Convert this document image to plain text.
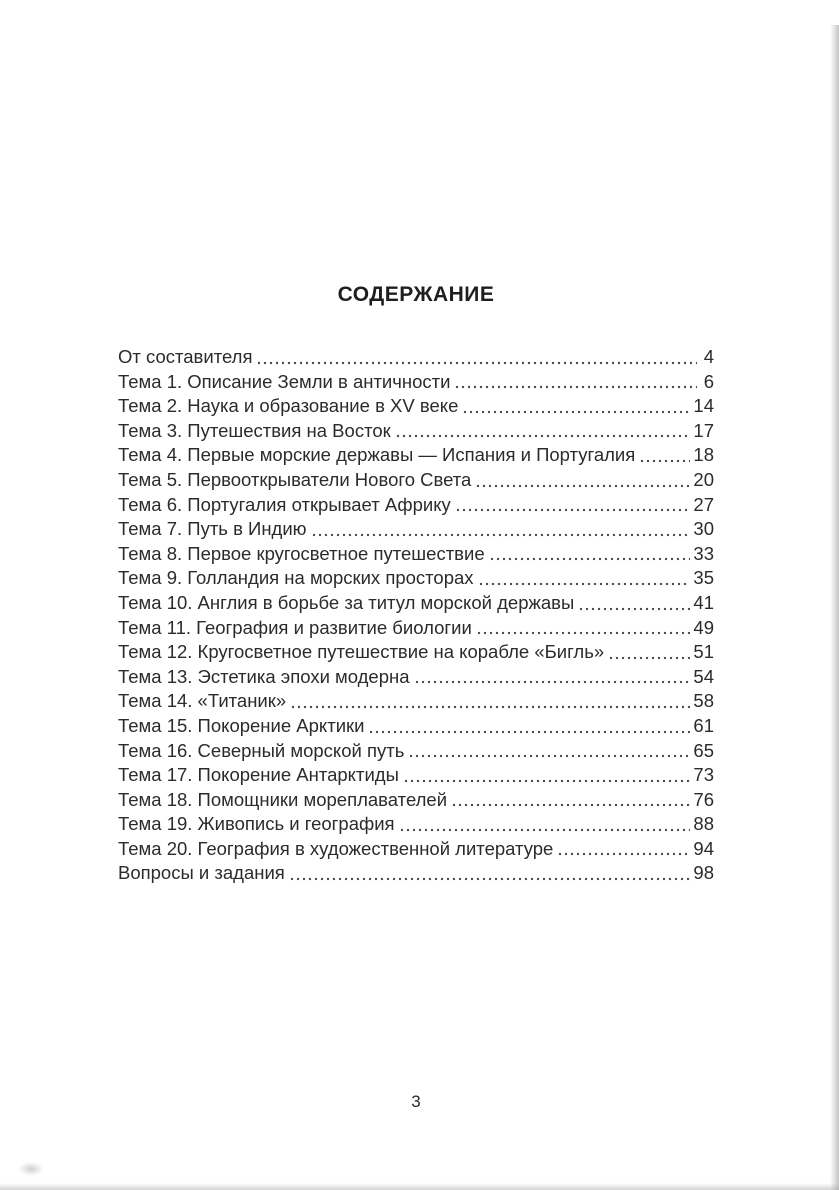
СОДЕРЖАНИЕ
От составителя	4
Тема 1. Описание Земли в античности	6
Тема 2. Наука и образование в XV веке	14
Тема 3. Путешествия на Восток	17
Тема 4. Первые морские державы — Испания и Португалия	18
Тема 5. Первооткрыватели Нового Света	20
Тема 6. Португалия открывает Африку	27
Тема 7. Путь в Индию	30
Тема 8. Первое кругосветное путешествие	33
Тема 9. Голландия на морских просторах	35
Тема 10. Англия в борьбе за титул морской державы	41
Тема 11. География и развитие биологии	49
Тема 12. Кругосветное путешествие на корабле «Бигль»	51
Тема 13. Эстетика эпохи модерна	54
Тема 14. «Титаник»	58
Тема 15. Покорение Арктики	61
Тема 16. Северный морской путь	65
Тема 17. Покорение Антарктиды	73
Тема 18. Помощники мореплавателей	76
Тема 19. Живопись и география	88
Тема 20. География в художественной литературе	94
Вопросы и задания	98
3
